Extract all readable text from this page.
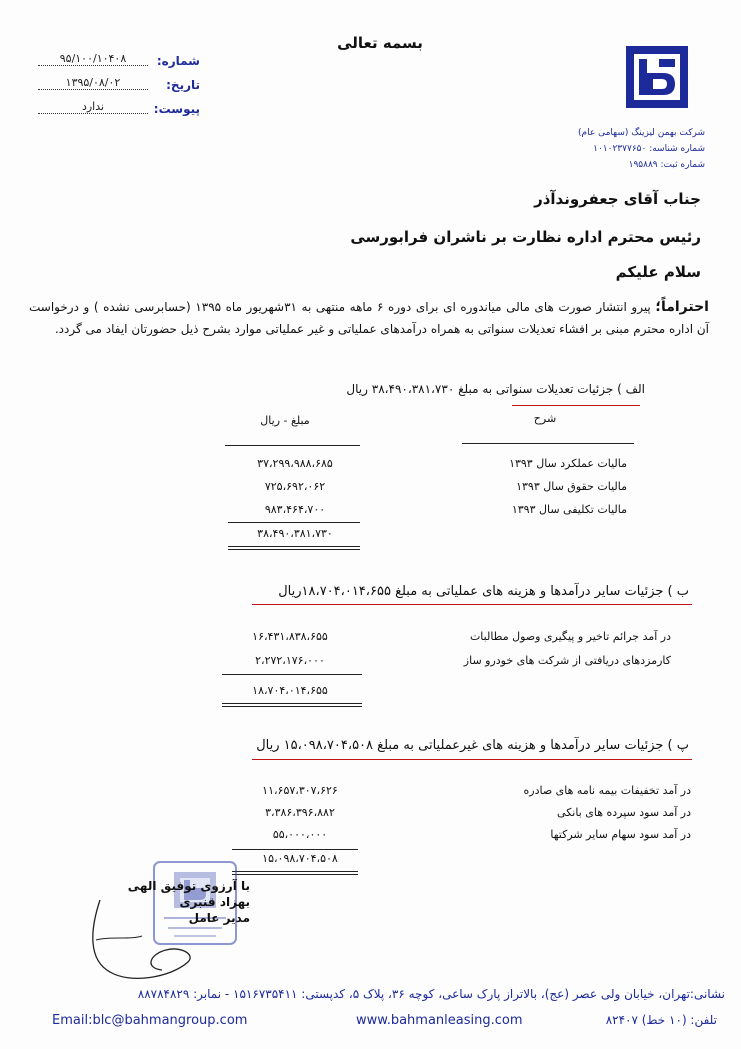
بسمه تعالی
شماره:
۹۵/۱۰۰/۱۰۴۰۸
تاریخ:
۱۳۹۵/۰۸/۰۲
پیوست:
ندارد
شرکت بهمن لیزینگ (سهامی عام)
شماره شناسه: ۱۰۱۰۲۳۷۷۶۵۰
شماره ثبت: ۱۹۵۸۸۹
جناب آقای جعفروندآذر
رئیس محترم اداره نظارت بر ناشران فرابورسی
سلام علیکم
احتراماً؛ پیرو انتشار صورت های مالی میاندوره ای برای دوره ۶ ماهه منتهی به ۳۱شهریور ماه ۱۳۹۵ (حسابرسی نشده ) و درخواست آن اداره محترم مبنی بر افشاء تعدیلات سنواتی به همراه درآمدهای عملیاتی و غیر عملیاتی موارد بشرح ذیل حضورتان ایفاد می گردد.
الف ) جزئیات تعدیلات سنواتی به مبلغ ۳۸،۴۹۰،۳۸۱،۷۳۰ ریال
شرح
مبلغ - ریال
مالیات عملکرد سال ۱۳۹۳
۳۷،۲۹۹،۹۸۸،۶۸۵
مالیات حقوق سال ۱۳۹۳
۷۲۵،۶۹۲،۰۶۲
مالیات تکلیفی سال ۱۳۹۳
۹۸۳،۴۶۴،۷۰۰
۳۸،۴۹۰،۳۸۱،۷۳۰
ب ) جزئیات سایر درآمدها و هزینه های عملیاتی به مبلغ ۱۸،۷۰۴،۰۱۴،۶۵۵ریال
در آمد جرائم تاخیر و پیگیری وصول مطالبات
۱۶،۴۳۱،۸۳۸،۶۵۵
کارمزدهای دریافتی از شرکت های خودرو ساز
۲،۲۷۲،۱۷۶،۰۰۰
۱۸،۷۰۴،۰۱۴،۶۵۵
پ ) جزئیات سایر درآمدها و هزینه های غیرعملیاتی به مبلغ ۱۵،۰۹۸،۷۰۴،۵۰۸ ریال
در آمد تخفیفات بیمه نامه های صادره
۱۱،۶۵۷،۳۰۷،۶۲۶
در آمد سود سپرده های بانکی
۳،۳۸۶،۳۹۶،۸۸۲
در آمد سود سهام سایر شرکتها
۵۵،۰۰۰،۰۰۰
۱۵،۰۹۸،۷۰۴،۵۰۸
با آرزوی توفیق الهی
بهزاد قنبری
مدیر عامل
نشانی:تهران، خیابان ولی عصر (عج)، بالاتراز پارک ساعی، کوچه ۳۶، پلاک ۵، کدپستی: ۱۵۱۶۷۳۵۴۱۱ - نمابر: ۸۸۷۸۴۸۲۹
Email:blc@bahmangroup.com	www.bahmanleasing.com	تلفن: (۱۰ خط) ۸۲۴۰۷
